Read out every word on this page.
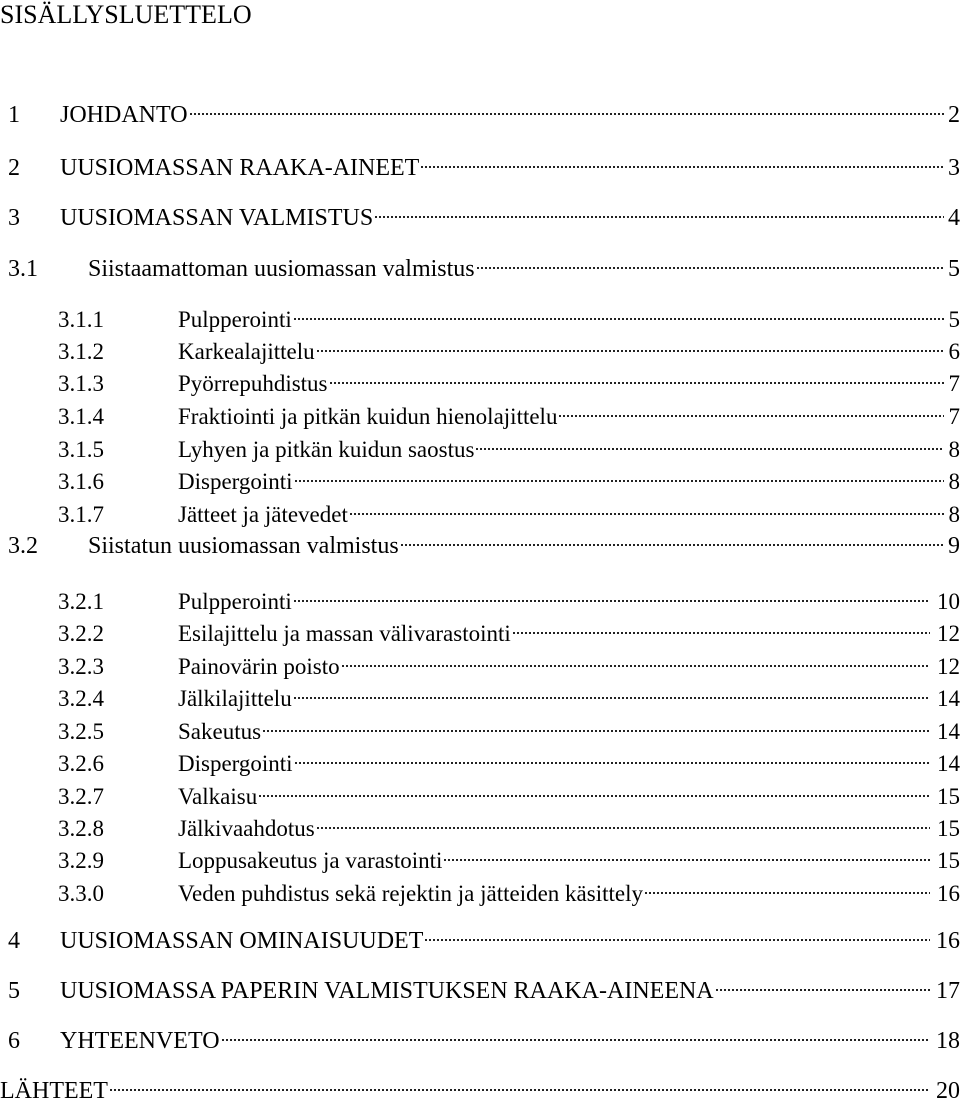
SISÄLLYSLUETTELO
1 JOHDANTO	2
2 UUSIOMASSAN RAAKA-AINEET	3
3 UUSIOMASSAN VALMISTUS	4
3.1 Siistaamattoman uusiomassan valmistus	5
3.1.1	Pulpperointi	5
3.1.2	Karkealajittelu	6
3.1.3	Pyörrepuhdistus	7
3.1.4	Fraktiointi ja pitkän kuidun hienolajittelu	7
3.1.5	Lyhyen ja pitkän kuidun saostus	8
3.1.6	Dispergointi	8
3.1.7	Jätteet ja jätevedet	8
3.2 Siistatun uusiomassan valmistus	9
3.2.1	Pulpperointi	10
3.2.2	Esilajittelu ja massan välivarastointi	12
3.2.3	Painovärin poisto	12
3.2.4	Jälkilajittelu	14
3.2.5	Sakeutus	14
3.2.6	Dispergointi	14
3.2.7	Valkaisu	15
3.2.8	Jälkivaahdotus	15
3.2.9	Loppusakeutus ja varastointi	15
3.3.0	Veden puhdistus sekä rejektin ja jätteiden käsittely	16
4 UUSIOMASSAN OMINAISUUDET	16
5 UUSIOMASSA PAPERIN VALMISTUKSEN RAAKA-AINEENA	17
6 YHTEENVETO	18
LÄHTEET	20
